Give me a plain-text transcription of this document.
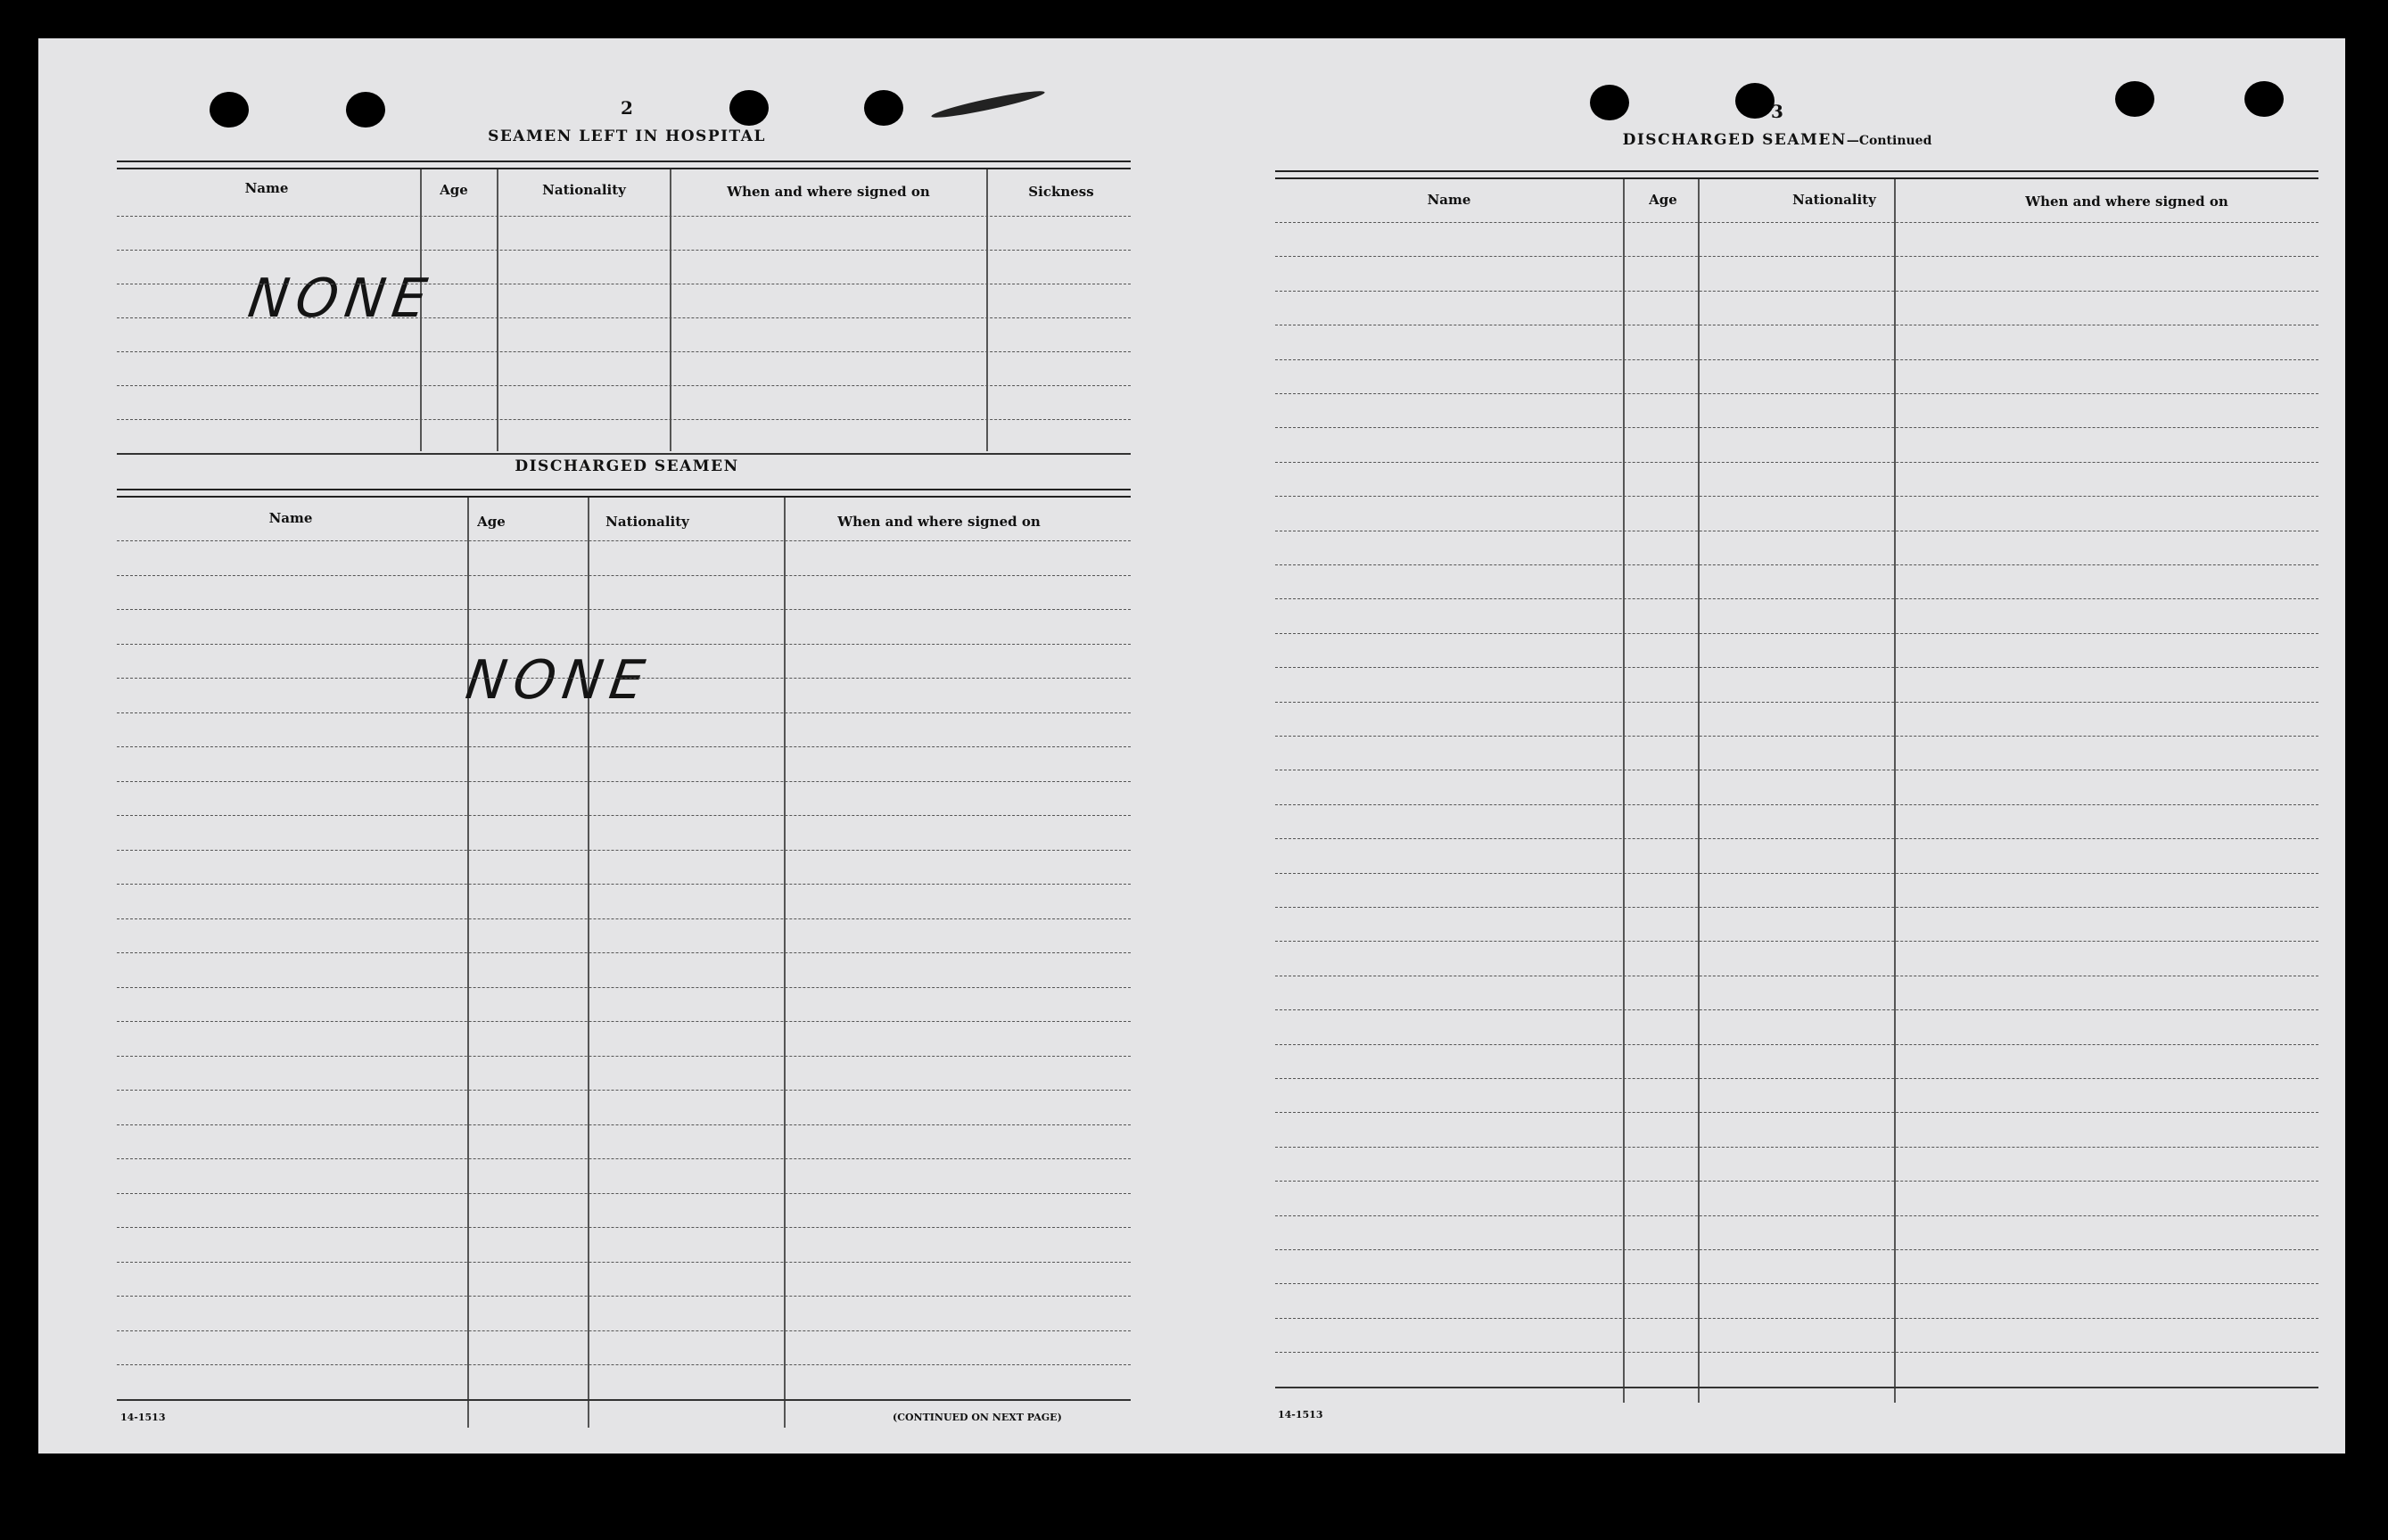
2
SEAMEN LEFT IN HOSPITAL
Name	Age	Nationality	When and where signed on	Sickness
NONE
DISCHARGED SEAMEN
Name	Age	Nationality	When and where signed on
NONE
14-1513	(CONTINUED ON NEXT PAGE)
3
DISCHARGED SEAMEN—Continued
Name	Age	Nationality	When and where signed on
14-1513
